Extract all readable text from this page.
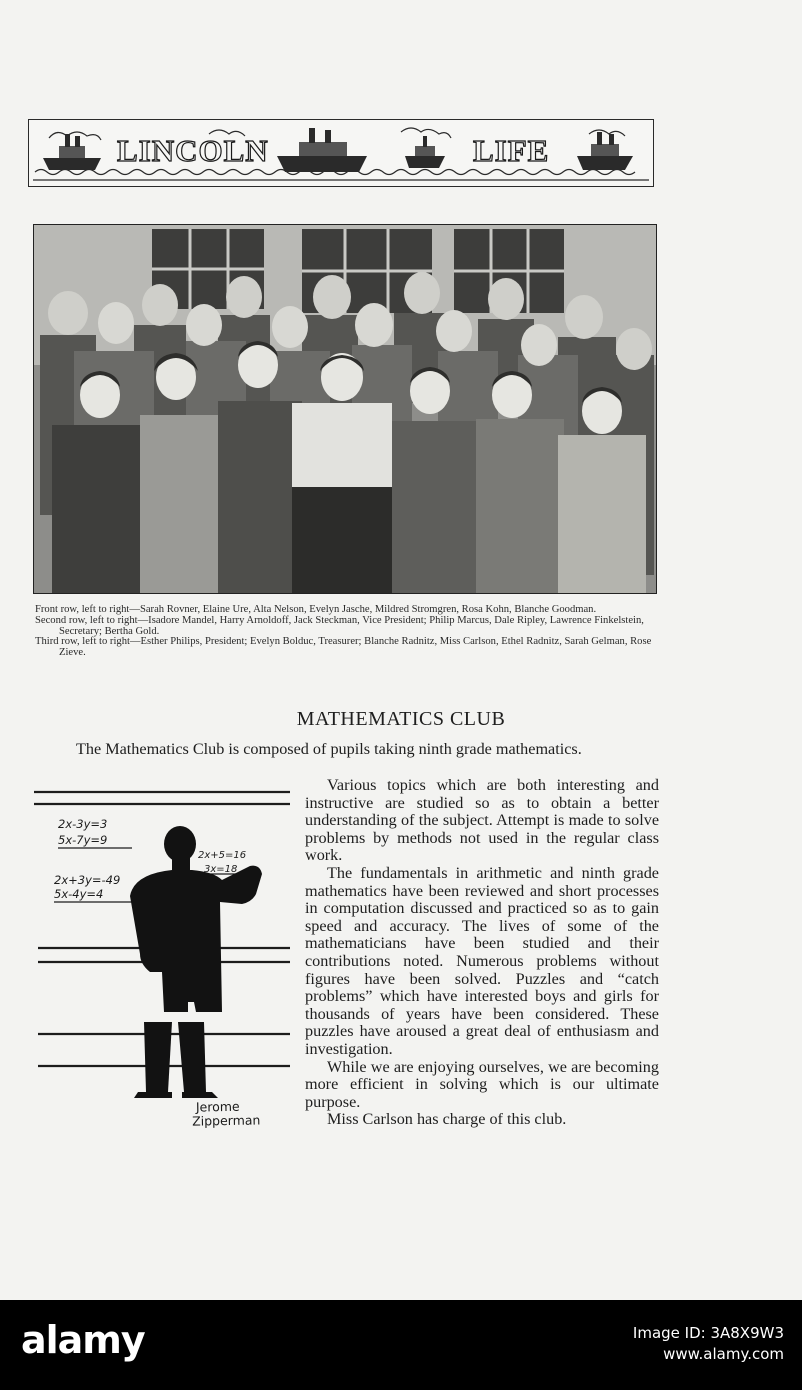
LINCOLN	LIFE

Front row, left to right—Sarah Rovner, Elaine Ure, Alta Nelson, Evelyn Jasche, Mildred Stromgren, Rosa Kohn, Blanche Goodman.

Second row, left to right—Isadore Mandel, Harry Arnoldoff, Jack Steckman, Vice President; Philip Marcus, Dale Ripley, Lawrence Finkelstein, Secretary; Bertha Gold.

Third row, left to right—Esther Philips, President; Evelyn Bolduc, Treasurer; Blanche Radnitz, Miss Carlson, Ethel Radnitz, Sarah Gelman, Rose Zieve.

MATHEMATICS CLUB

The Mathematics Club is composed of pupils taking ninth grade mathematics.

2x-3y=3
5x-7y=9
2x+3y=-49
5x-4y=4
2x+5=16
3x=18
Jerome
Zipperman

Various topics which are both interesting and instructive are studied so as to obtain a better understanding of the subject. Attempt is made to solve problems by methods not used in the regular class work.

The fundamentals in arithmetic and ninth grade mathematics have been reviewed and short processes in computation discussed and practiced so as to gain speed and accuracy. The lives of some of the mathematicians have been studied and their contributions noted. Numerous problems without figures have been solved. Puzzles and “catch problems” which have interested boys and girls for thousands of years have been considered. These puzzles have aroused a great deal of enthusiasm and investigation.

While we are enjoying ourselves, we are becoming more efficient in solving which is our ultimate purpose.

Miss Carlson has charge of this club.

alamy	Image ID: 3A8X9W3
www.alamy.com
